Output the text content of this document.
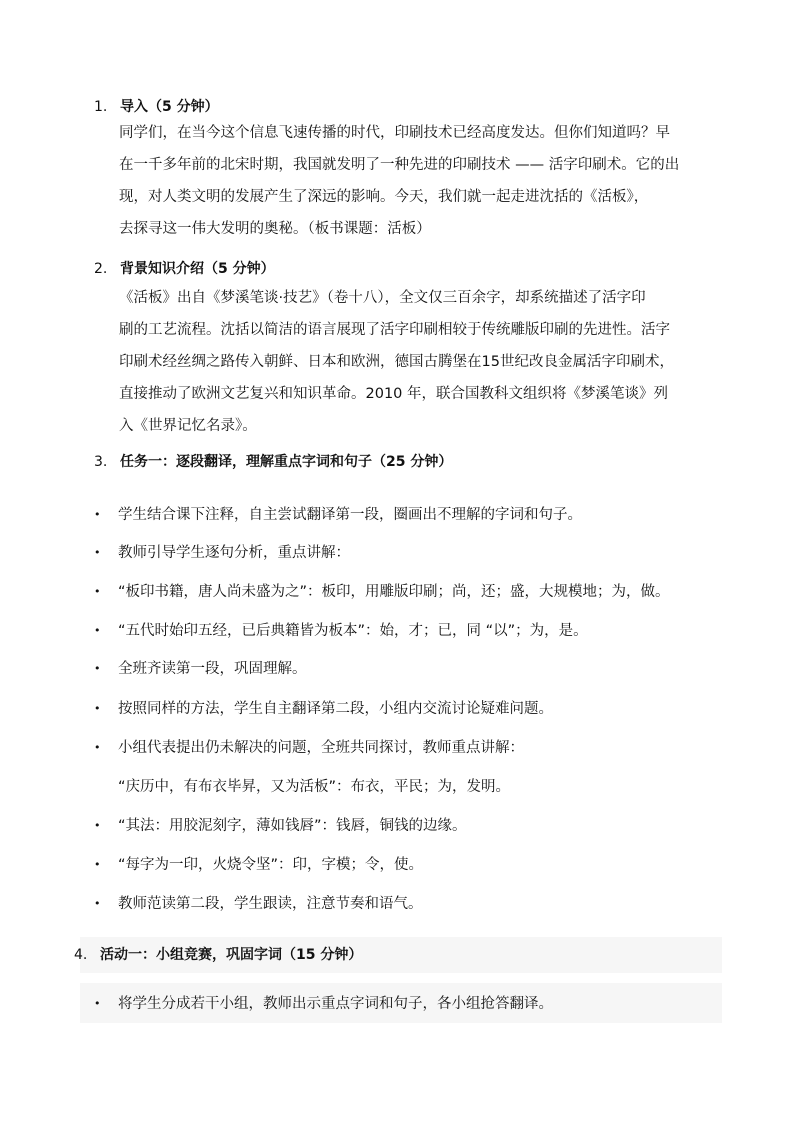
1. 导入（5 分钟）
同学们，在当今这个信息飞速传播的时代，印刷技术已经高度发达。但你们知道吗？早
在一千多年前的北宋时期，我国就发明了一种先进的印刷技术 —— 活字印刷术。它的出
现，对人类文明的发展产生了深远的影响。今天，我们就一起走进沈括的《活板》，
去探寻这一伟大发明的奥秘。（板书课题：活板）
2. 背景知识介绍（5 分钟）
《活板》出自《梦溪笔谈·技艺》（卷十八），全文仅三百余字，却系统描述了活字印
刷的工艺流程。沈括以简洁的语言展现了活字印刷相较于传统雕版印刷的先进性。活字
印刷术经丝绸之路传入朝鲜、日本和欧洲，德国古腾堡在15世纪改良金属活字印刷术，
直接推动了欧洲文艺复兴和知识革命。2010 年，联合国教科文组织将《梦溪笔谈》列
入《世界记忆名录》。
3. 任务一：逐段翻译，理解重点字词和句子（25 分钟）
• 学生结合课下注释，自主尝试翻译第一段，圈画出不理解的字词和句子。
• 教师引导学生逐句分析，重点讲解：
• “板印书籍，唐人尚未盛为之”：板印，用雕版印刷；尚，还；盛，大规模地；为，做。
• “五代时始印五经，已后典籍皆为板本”：始，才；已，同 “以”；为，是。
• 全班齐读第一段，巩固理解。
• 按照同样的方法，学生自主翻译第二段，小组内交流讨论疑难问题。
• 小组代表提出仍未解决的问题，全班共同探讨，教师重点讲解：
“庆历中，有布衣毕昇，又为活板”：布衣，平民；为，发明。
• “其法：用胶泥刻字，薄如钱唇”：钱唇，铜钱的边缘。
• “每字为一印，火烧令坚”：印，字模；令，使。
• 教师范读第二段，学生跟读，注意节奏和语气。
4. 活动一：小组竞赛，巩固字词（15 分钟）
• 将学生分成若干小组，教师出示重点字词和句子，各小组抢答翻译。
